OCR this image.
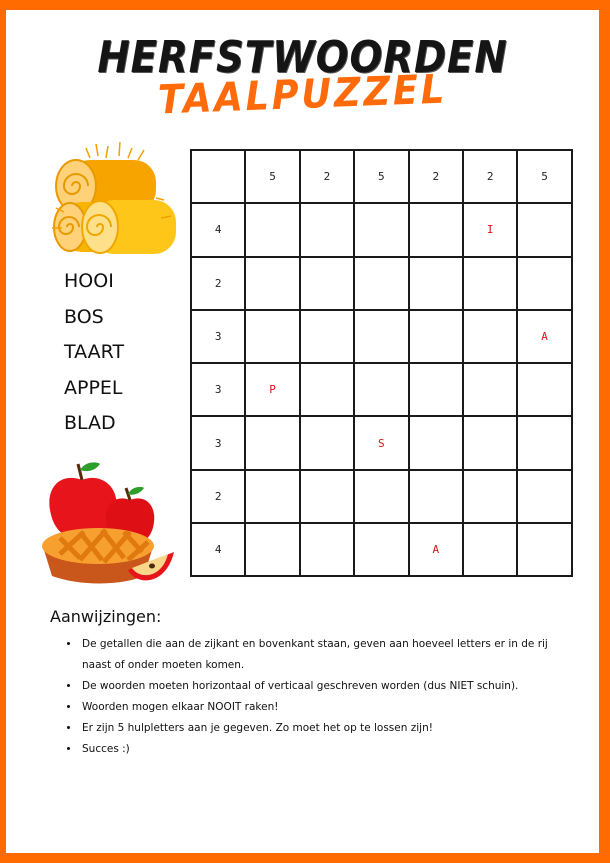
HERFSTWOORDEN
TAALPUZZEL
HOOI
BOS
TAART
APPEL
BLAD
	5	2	5	2	2	5
4					I	
2						
3						A
3	P					
3			S			
2						
4				A		
Aanwijzingen:
• De getallen die aan de zijkant en bovenkant staan, geven aan hoeveel letters er in de rij naast of onder moeten komen.
• De woorden moeten horizontaal of verticaal geschreven worden (dus NIET schuin).
• Woorden mogen elkaar NOOIT raken!
• Er zijn 5 hulpletters aan je gegeven. Zo moet het op te lossen zijn!
• Succes :)
